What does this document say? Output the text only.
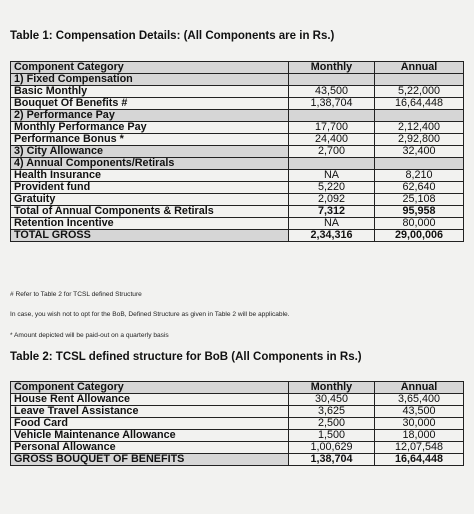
Table 1: Compensation Details: (All Components are in Rs.)
Component Category	Monthly	Annual
1) Fixed Compensation		
Basic Monthly	43,500	5,22,000
Bouquet Of Benefits #	1,38,704	16,64,448
2) Performance Pay		
Monthly Performance Pay	17,700	2,12,400
Performance Bonus *	24,400	2,92,800
3) City Allowance	2,700	32,400
4) Annual Components/Retirals		
Health Insurance	NA	8,210
Provident fund	5,220	62,640
Gratuity	2,092	25,108
Total of Annual Components & Retirals	7,312	95,958
Retention Incentive	NA	80,000
TOTAL GROSS	2,34,316	29,00,006
# Refer to Table 2 for TCSL defined Structure
In case, you wish not to opt for the BoB, Defined Structure as given in Table 2 will be applicable.
* Amount depicted will be paid-out on a quarterly basis
Table 2: TCSL defined structure for BoB (All Components in Rs.)
Component Category	Monthly	Annual
House Rent Allowance	30,450	3,65,400
Leave Travel Assistance	3,625	43,500
Food Card	2,500	30,000
Vehicle Maintenance Allowance	1,500	18,000
Personal Allowance	1,00,629	12,07,548
GROSS BOUQUET OF BENEFITS	1,38,704	16,64,448
